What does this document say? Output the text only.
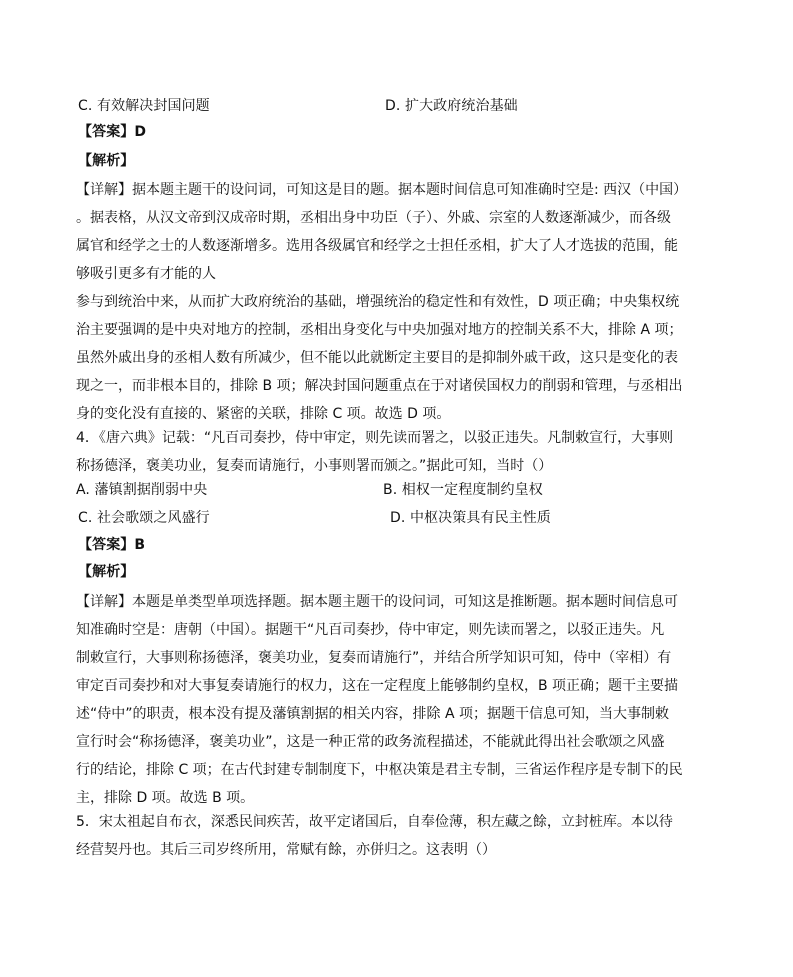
C. 有效解决封国问题	D. 扩大政府统治基础
【答案】D
【解析】
【详解】据本题主题干的设问词，可知这是目的题。据本题时间信息可知准确时空是: 西汉（中国）
。据表格，从汉文帝到汉成帝时期，丞相出身中功臣（子）、外戚、宗室的人数逐渐减少，而各级
属官和经学之士的人数逐渐增多。选用各级属官和经学之士担任丞相，扩大了人才选拔的范围，能
够吸引更多有才能的人
参与到统治中来，从而扩大政府统治的基础，增强统治的稳定性和有效性，D 项正确；中央集权统
治主要强调的是中央对地方的控制，丞相出身变化与中央加强对地方的控制关系不大，排除 A 项；
虽然外戚出身的丞相人数有所减少，但不能以此就断定主要目的是抑制外戚干政，这只是变化的表
现之一，而非根本目的，排除 B 项；解决封国问题重点在于对诸侯国权力的削弱和管理，与丞相出
身的变化没有直接的、紧密的关联，排除 C 项。故选 D 项。
4．《唐六典》记载：“凡百司奏抄，侍中审定，则先读而署之，以驳正违失。凡制敕宣行，大事则
称扬德泽，褒美功业，复奏而请施行，小事则署而颁之。”据此可知，当时（）
A. 藩镇割据削弱中央	B. 相权一定程度制约皇权
C. 社会歌颂之风盛行	D. 中枢决策具有民主性质
【答案】B
【解析】
【详解】本题是单类型单项选择题。据本题主题干的设问词，可知这是推断题。据本题时间信息可
知准确时空是：唐朝（中国）。据题干“凡百司奏抄，侍中审定，则先读而署之，以驳正违失。凡
制敕宣行，大事则称扬德泽，褒美功业，复奏而请施行”，并结合所学知识可知，侍中（宰相）有
审定百司奏抄和对大事复奏请施行的权力，这在一定程度上能够制约皇权，B 项正确；题干主要描
述“侍中”的职责，根本没有提及藩镇割据的相关内容，排除 A 项；据题干信息可知，当大事制敕
宣行时会“称扬德泽，褒美功业”，这是一种正常的政务流程描述，不能就此得出社会歌颂之风盛
行的结论，排除 C 项；在古代封建专制制度下，中枢决策是君主专制，三省运作程序是专制下的民
主，排除 D 项。故选 B 项。
5．宋太祖起自布衣，深悉民间疾苦，故平定诸国后，自奉俭薄，积左藏之餘，立封桩库。本以待
经营契丹也。其后三司岁终所用，常赋有餘，亦併归之。这表明（）
